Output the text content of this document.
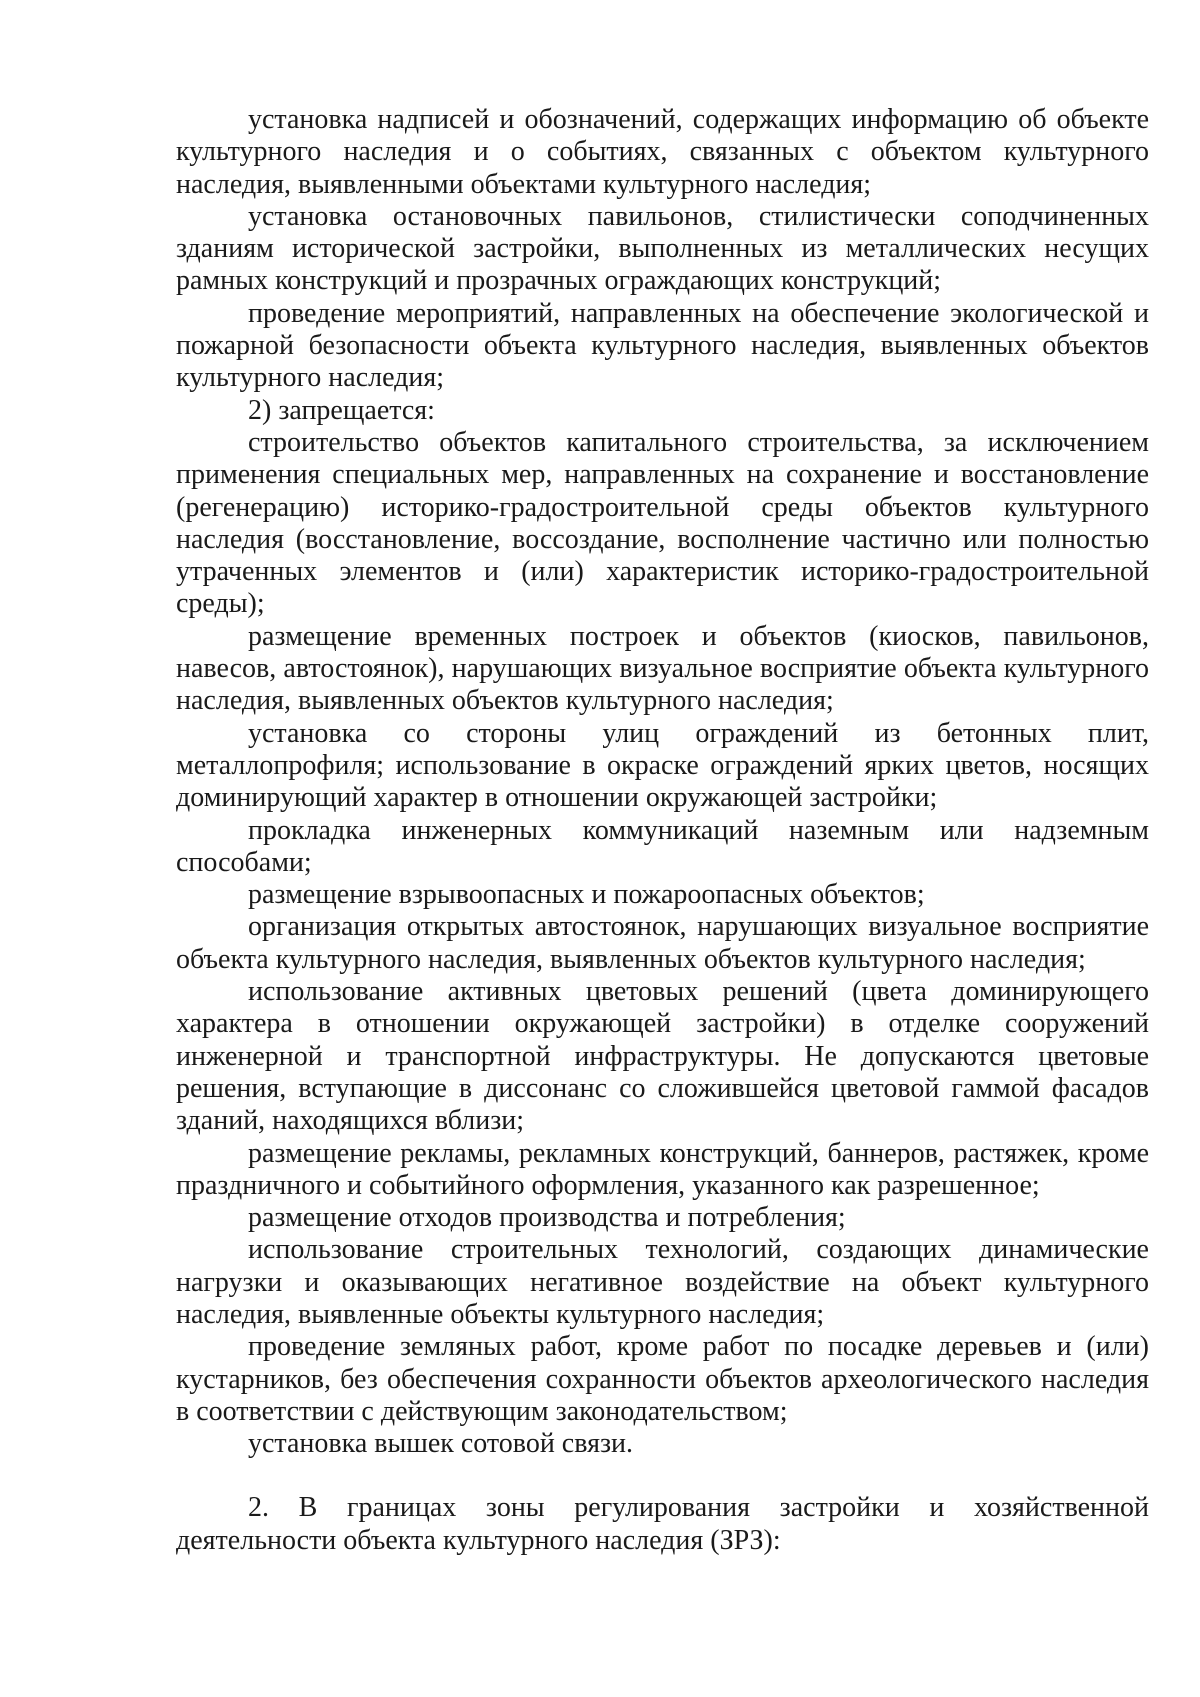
установка надписей и обозначений, содержащих информацию об объекте культурного наследия и о событиях, связанных с объектом культурного наследия, выявленными объектами культурного наследия;

установка остановочных павильонов, стилистически соподчиненных зданиям исторической застройки, выполненных из металлических несущих рамных конструкций и прозрачных ограждающих конструкций;

проведение мероприятий, направленных на обеспечение экологической и пожарной безопасности объекта культурного наследия, выявленных объектов культурного наследия;

2) запрещается:

строительство объектов капитального строительства, за исключением применения специальных мер, направленных на сохранение и восстановление (регенерацию) историко-градостроительной среды объектов культурного наследия (восстановление, воссоздание, восполнение частично или полностью утраченных элементов и (или) характеристик историко-градостроительной среды);

размещение временных построек и объектов (киосков, павильонов, навесов, автостоянок), нарушающих визуальное восприятие объекта культурного наследия, выявленных объектов культурного наследия;

установка со стороны улиц ограждений из бетонных плит, металлопрофиля; использование в окраске ограждений ярких цветов, носящих доминирующий характер в отношении окружающей застройки;

прокладка инженерных коммуникаций наземным или надземным способами;

размещение взрывоопасных и пожароопасных объектов;

организация открытых автостоянок, нарушающих визуальное восприятие объекта культурного наследия, выявленных объектов культурного наследия;

использование активных цветовых решений (цвета доминирующего характера в отношении окружающей застройки) в отделке сооружений инженерной и транспортной инфраструктуры. Не допускаются цветовые решения, вступающие в диссонанс со сложившейся цветовой гаммой фасадов зданий, находящихся вблизи;

размещение рекламы, рекламных конструкций, баннеров, растяжек, кроме праздничного и событийного оформления, указанного как разрешенное;

размещение отходов производства и потребления;

использование строительных технологий, создающих динамические нагрузки и оказывающих негативное воздействие на объект культурного наследия, выявленные объекты культурного наследия;

проведение земляных работ, кроме работ по посадке деревьев и (или) кустарников, без обеспечения сохранности объектов археологического наследия в соответствии с действующим законодательством;

установка вышек сотовой связи.

2. В границах зоны регулирования застройки и хозяйственной деятельности объекта культурного наследия (ЗРЗ):
